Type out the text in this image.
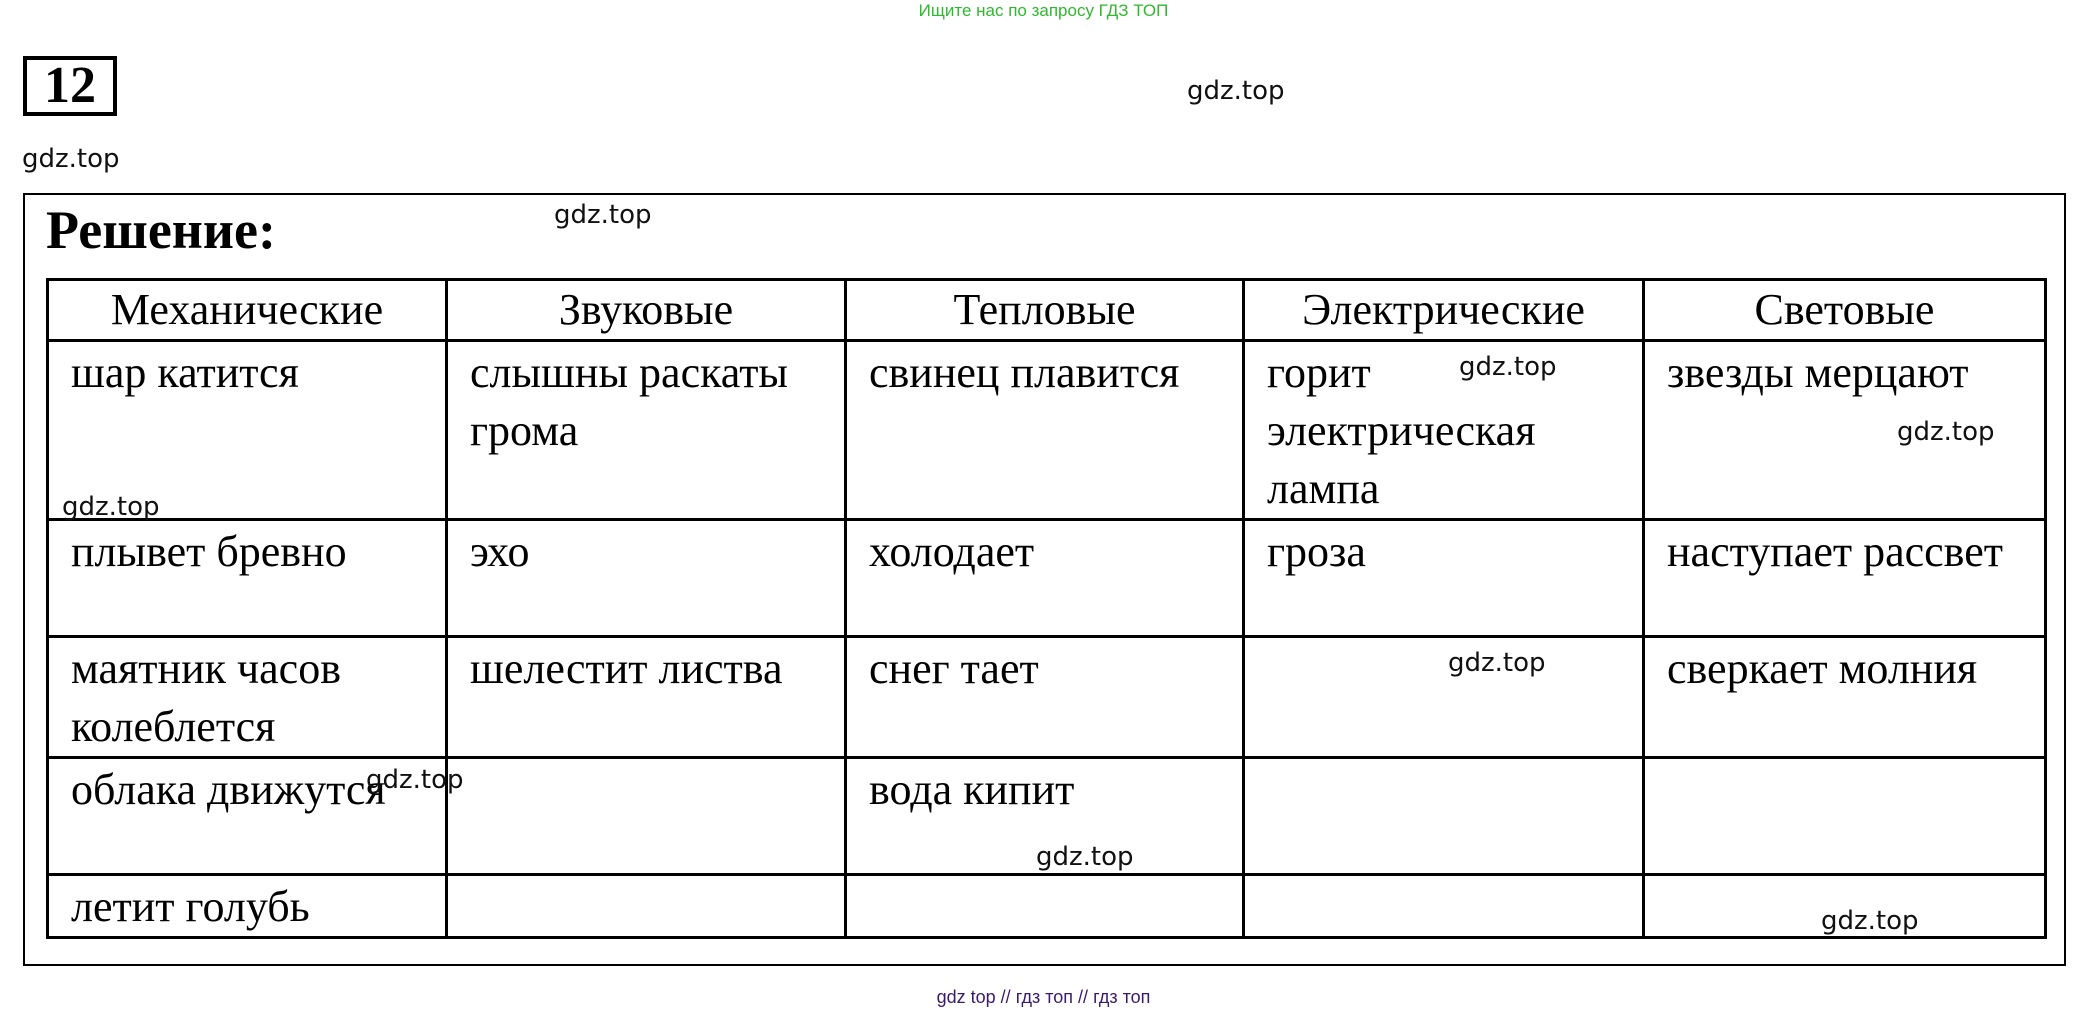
Ищите нас по запросу ГДЗ ТОП
12	gdz.top
gdz.top
Решение:	gdz.top
Механические	Звуковые	Тепловые	Электрические	Световые
шар катится	слышны раскаты грома	свинец плавится	горит электрическая лампа	звезды мерцают
плывет бревно	эхо	холодает	гроза	наступает рассвет
маятник часов колеблется	шелестит листва	снег тает		сверкает молния
облака движутся		вода кипит		
летит голубь				
gdz.top
gdz.top
gdz.top
gdz.top
gdz.top
gdz.top
gdz.top
gdz top // гдз топ // гдз топ
